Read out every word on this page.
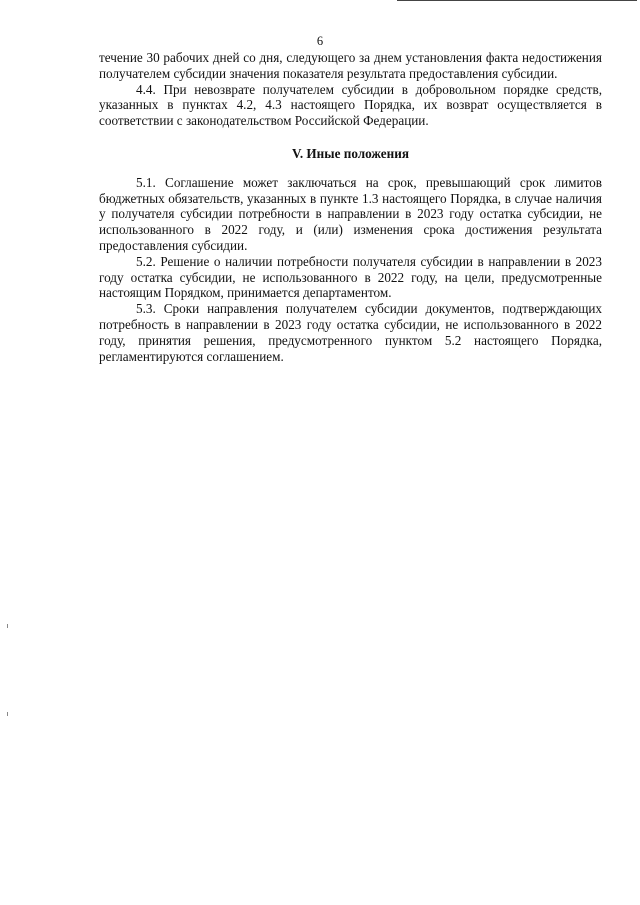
6

течение 30 рабочих дней со дня, следующего за днем установления факта недостижения получателем субсидии значения показателя результата предоставления субсидии.

4.4. При невозврате получателем субсидии в добровольном порядке средств, указанных в пунктах 4.2, 4.3 настоящего Порядка, их возврат осуществляется в соответствии с законодательством Российской Федерации.

V. Иные положения

5.1. Соглашение может заключаться на срок, превышающий срок лимитов бюджетных обязательств, указанных в пункте 1.3 настоящего Порядка, в случае наличия у получателя субсидии потребности в направлении в 2023 году остатка субсидии, не использованного в 2022 году, и (или) изменения срока достижения результата предоставления субсидии.

5.2. Решение о наличии потребности получателя субсидии в направлении в 2023 году остатка субсидии, не использованного в 2022 году, на цели, предусмотренные настоящим Порядком, принимается департаментом.

5.3. Сроки направления получателем субсидии документов, подтверждающих потребность в направлении в 2023 году остатка субсидии, не использованного в 2022 году, принятия решения, предусмотренного пунктом 5.2 настоящего Порядка, регламентируются соглашением.
